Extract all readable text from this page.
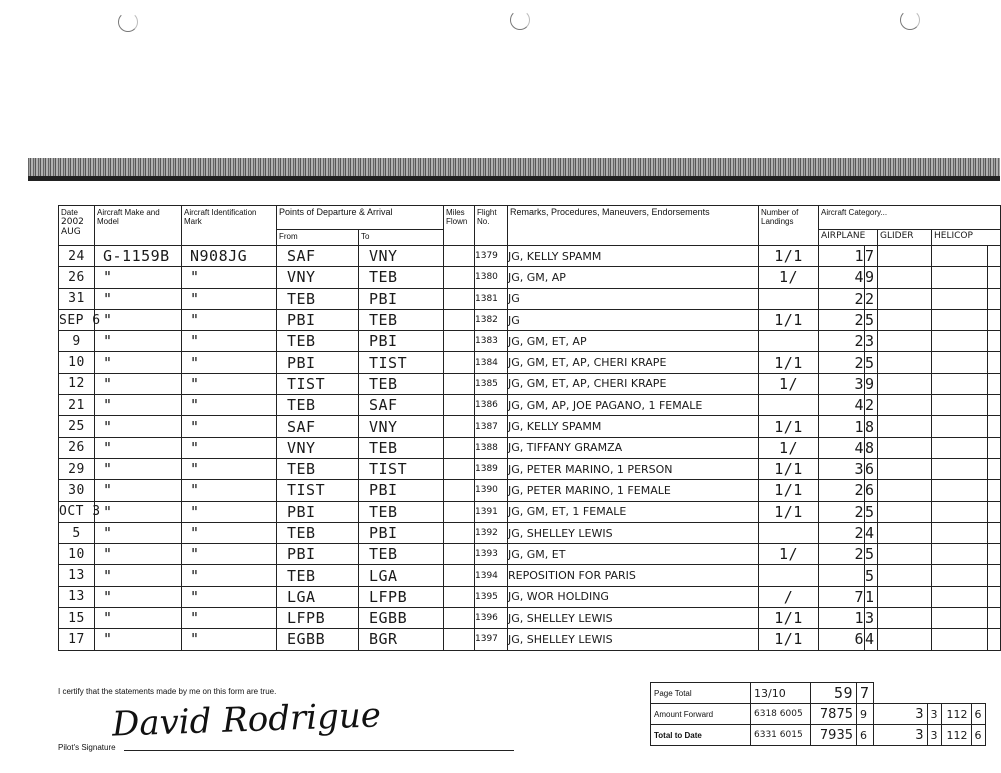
Date
2002
AUG	Aircraft Make and Model	Aircraft Identification Mark	Points of Departure & Arrival		Miles Flown	Flight No.	Remarks, Procedures, Maneuvers, Endorsements	Number of Landings	Aircraft Category...				
			From	To					AIRPLANE		GLIDER	HELICOP	
24	G-1159B	N908JG	SAF	VNY		1379	JG, KELLY SPAMM	1/1	1	7			
26	"	"	VNY	TEB		1380	JG, GM, AP	1/	4	9			
31	"	"	TEB	PBI		1381	JG		2	2			
SEP 6	"	"	PBI	TEB		1382	JG	1/1	2	5			
9	"	"	TEB	PBI		1383	JG, GM, ET, AP		2	3			
10	"	"	PBI	TIST		1384	JG, GM, ET, AP, CHERI KRAPE	1/1	2	5			
12	"	"	TIST	TEB		1385	JG, GM, ET, AP, CHERI KRAPE	1/	3	9			
21	"	"	TEB	SAF		1386	JG, GM, AP, JOE PAGANO, 1 FEMALE		4	2			
25	"	"	SAF	VNY		1387	JG, KELLY SPAMM	1/1	1	8			
26	"	"	VNY	TEB		1388	JG, TIFFANY GRAMZA	1/	4	8			
29	"	"	TEB	TIST		1389	JG, PETER MARINO, 1 PERSON	1/1	3	6			
30	"	"	TIST	PBI		1390	JG, PETER MARINO, 1 FEMALE	1/1	2	6			
OCT 3	"	"	PBI	TEB		1391	JG, GM, ET, 1 FEMALE	1/1	2	5			
5	"	"	TEB	PBI		1392	JG, SHELLEY LEWIS		2	4			
10	"	"	PBI	TEB		1393	JG, GM, ET	1/	2	5			
13	"	"	TEB	LGA		1394	REPOSITION FOR PARIS			5			
13	"	"	LGA	LFPB		1395	JG, WOR HOLDING	/	7	1			
15	"	"	LFPB	EGBB		1396	JG, SHELLEY LEWIS	1/1	1	3			
17	"	"	EGBB	BGR		1397	JG, SHELLEY LEWIS	1/1	6	4			
I certify that the statements made by me on this form are true.
David Rodrigue
Pilot's Signature
Page Total	13/10	59	7				
Amount Forward	6318 6005	7875	9	3	3	112	6
Total to Date	6331 6015	7935	6	3	3	112	6
